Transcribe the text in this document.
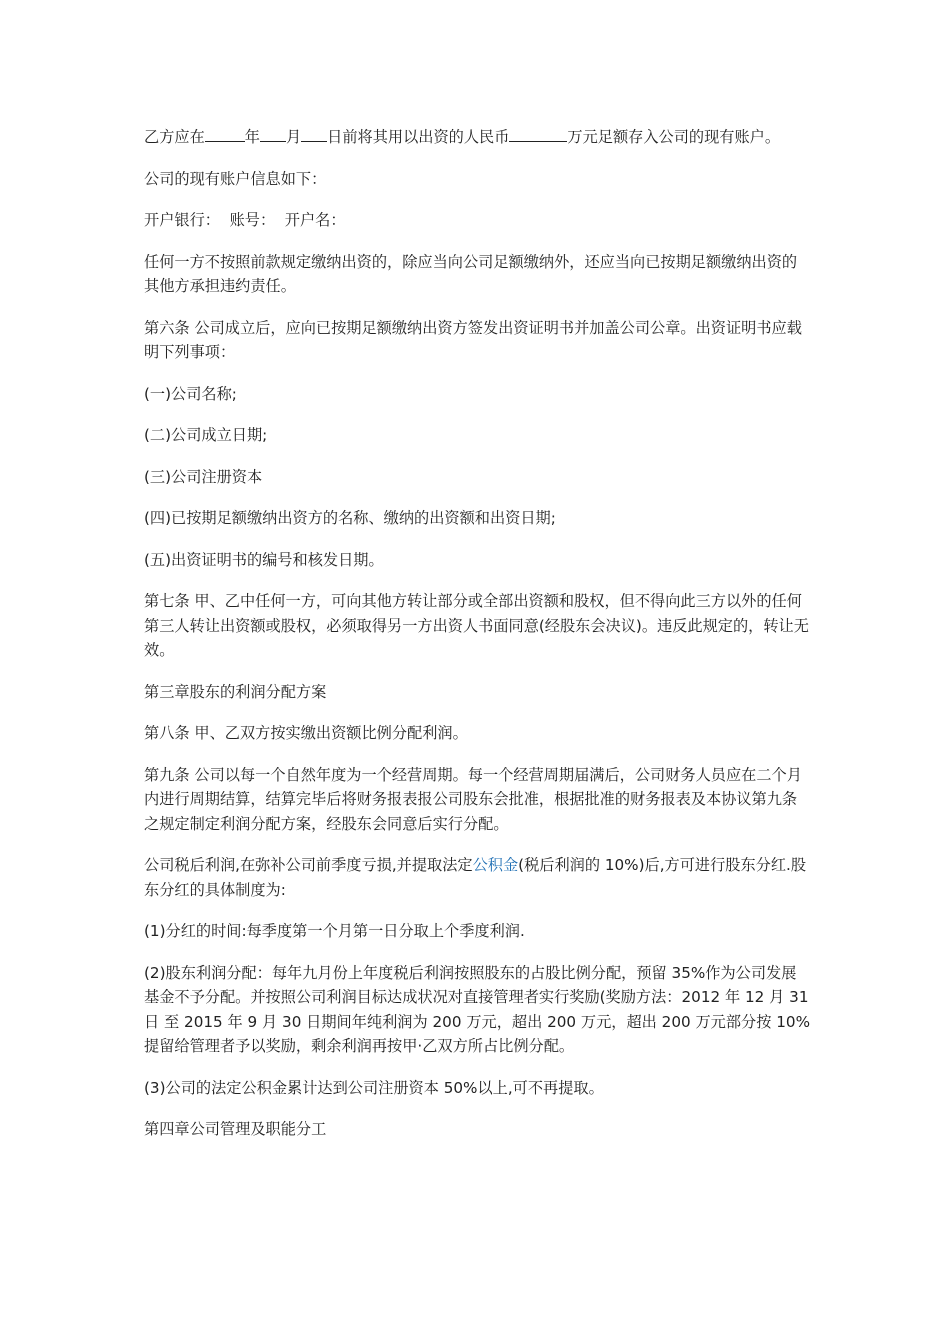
乙方应在	年 月 日前将其用以出资的人民币	万元足额存入公司的现有账户。

公司的现有账户信息如下：

开户银行：  账号：  开户名：

任何一方不按照前款规定缴纳出资的，除应当向公司足额缴纳外，还应当向已按期足额缴纳出资的其他方承担违约责任。

第六条 公司成立后，应向已按期足额缴纳出资方签发出资证明书并加盖公司公章。出资证明书应载明下列事项：

(一)公司名称;

(二)公司成立日期;

(三)公司注册资本

(四)已按期足额缴纳出资方的名称、缴纳的出资额和出资日期;

(五)出资证明书的编号和核发日期。

第七条 甲、乙中任何一方，可向其他方转让部分或全部出资额和股权，但不得向此三方以外的任何第三人转让出资额或股权，必须取得另一方出资人书面同意(经股东会决议)。违反此规定的，转让无效。

第三章股东的利润分配方案

第八条 甲、乙双方按实缴出资额比例分配利润。

第九条 公司以每一个自然年度为一个经营周期。每一个经营周期届满后，公司财务人员应在二个月内进行周期结算，结算完毕后将财务报表报公司股东会批准，根据批准的财务报表及本协议第九条之规定制定利润分配方案，经股东会同意后实行分配。

公司税后利润,在弥补公司前季度亏损,并提取法定公积金(税后利润的 10%)后,方可进行股东分红.股东分红的具体制度为:

(1)分红的时间:每季度第一个月第一日分取上个季度利润.

(2)股东利润分配：每年九月份上年度税后利润按照股东的占股比例分配，预留 35%作为公司发展基金不予分配。并按照公司利润目标达成状况对直接管理者实行奖励(奖励方法：2012 年 12 月 31 日 至 2015 年 9 月 30 日期间年纯利润为 200 万元，超出 200 万元，超出 200 万元部分按 10%提留给管理者予以奖励，剩余利润再按甲·乙双方所占比例分配。

(3)公司的法定公积金累计达到公司注册资本 50%以上,可不再提取。

第四章公司管理及职能分工
